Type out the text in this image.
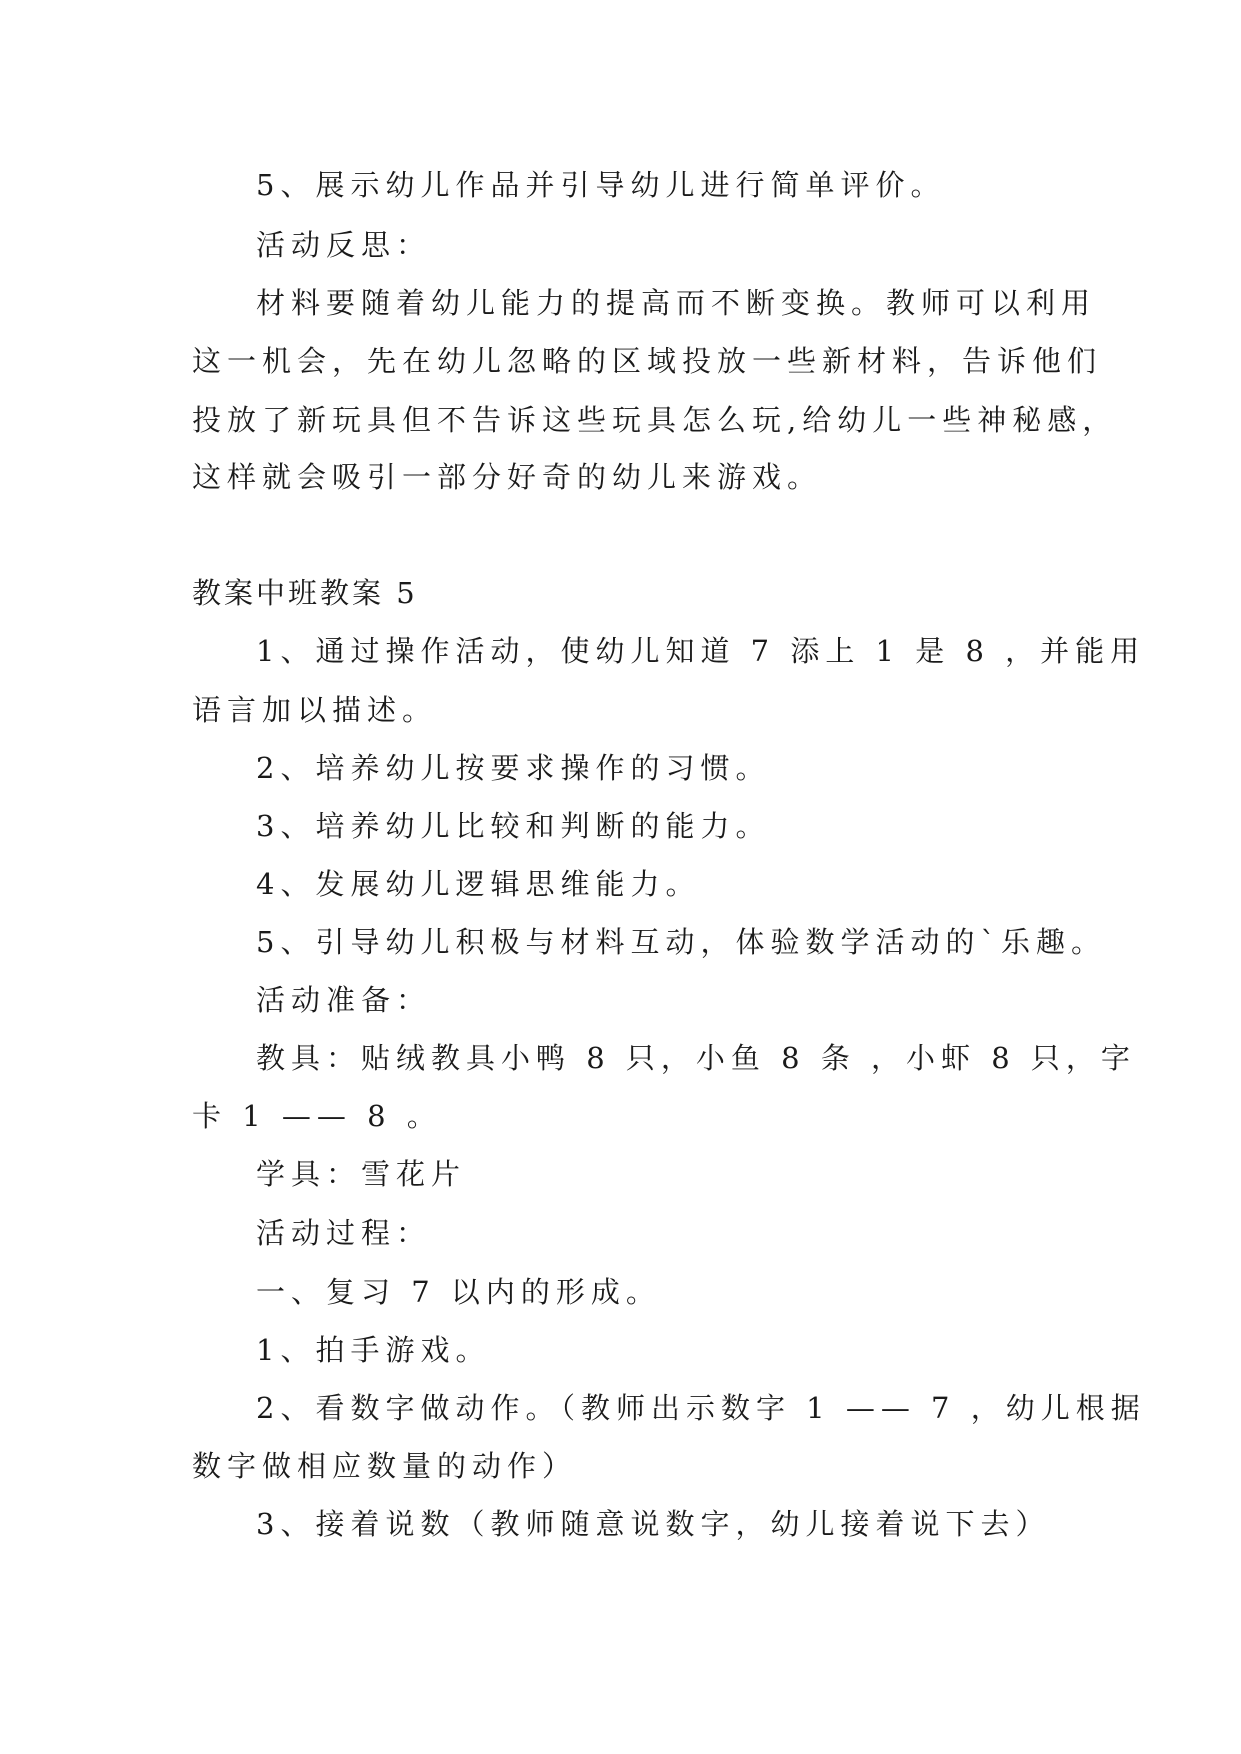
5、展示幼儿作品并引导幼儿进行简单评价。
活动反思：
材料要随着幼儿能力的提高而不断变换。教师可以利用
这一机会，先在幼儿忽略的区域投放一些新材料，告诉他们
投放了新玩具但不告诉这些玩具怎么玩,给幼儿一些神秘感，
这样就会吸引一部分好奇的幼儿来游戏。
教案中班教案 5
1、通过操作活动，使幼儿知道 7 添上 1 是 8 ，并能用
语言加以描述。
2、培养幼儿按要求操作的习惯。
3、培养幼儿比较和判断的能力。
4、发展幼儿逻辑思维能力。
5、引导幼儿积极与材料互动，体验数学活动的`乐趣。
活动准备：
教具：贴绒教具小鸭 8 只，小鱼 8 条 ，小虾 8 只，字
卡 1 —— 8 。
学具：雪花片
活动过程：
一、复习 7 以内的形成。
1、拍手游戏。
2、看数字做动作。（教师出示数字 1 —— 7 ，幼儿根据
数字做相应数量的动作）
3、接着说数（教师随意说数字，幼儿接着说下去）
